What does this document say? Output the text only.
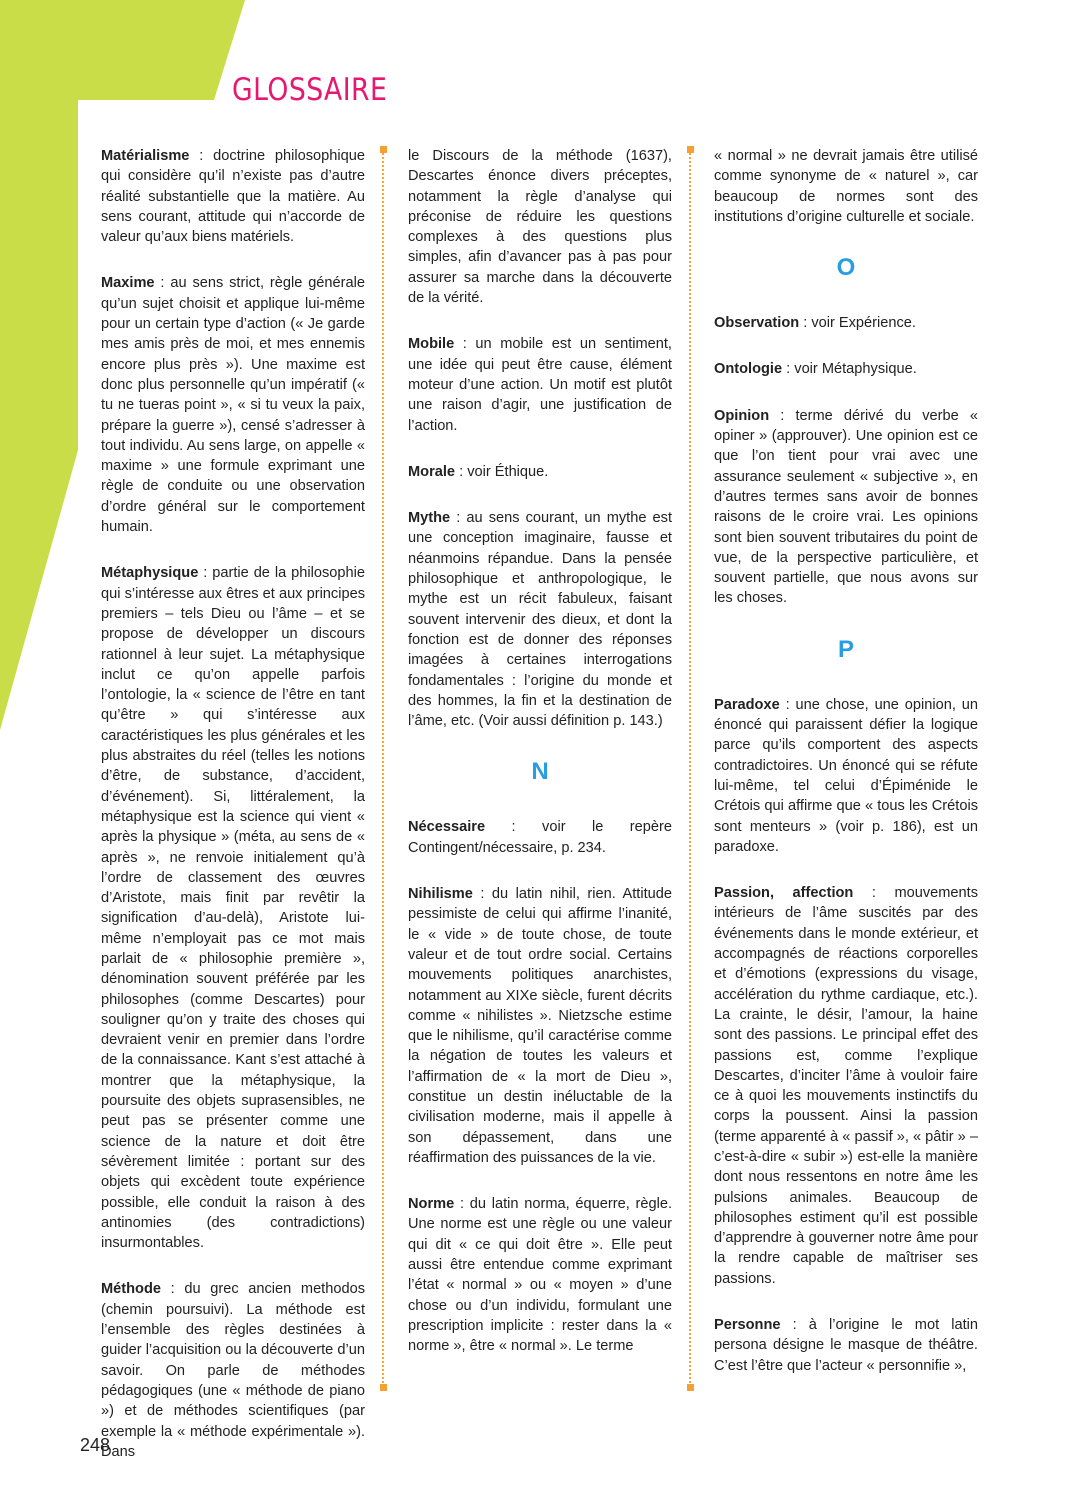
GLOSSAIRE

Matérialisme : doctrine philosophique qui considère qu’il n’existe pas d’autre réalité substantielle que la matière. Au sens courant, attitude qui n’accorde de valeur qu’aux biens matériels.

Maxime : au sens strict, règle générale qu’un sujet choisit et applique lui-même pour un certain type d’action (« Je garde mes amis près de moi, et mes ennemis encore plus près »). Une maxime est donc plus personnelle qu’un impératif (« tu ne tueras point », « si tu veux la paix, prépare la guerre »), censé s’adresser à tout individu. Au sens large, on appelle « maxime » une formule exprimant une règle de conduite ou une observation d’ordre général sur le comportement humain.

Métaphysique : partie de la philosophie qui s’intéresse aux êtres et aux principes premiers – tels Dieu ou l’âme – et se propose de développer un discours rationnel à leur sujet. La métaphysique inclut ce qu’on appelle parfois l’ontologie, la « science de l’être en tant qu’être » qui s’intéresse aux caractéristiques les plus générales et les plus abstraites du réel (telles les notions d’être, de substance, d’accident, d’événement). Si, littéralement, la métaphysique est la science qui vient « après la physique » (méta, au sens de « après », ne renvoie initialement qu’à l’ordre de classement des œuvres d’Aristote, mais finit par revêtir la signification d’au-delà), Aristote lui-même n’employait pas ce mot mais parlait de « philosophie première », dénomination souvent préférée par les philosophes (comme Descartes) pour souligner qu’on y traite des choses qui devraient venir en premier dans l’ordre de la connaissance. Kant s’est attaché à montrer que la métaphysique, la poursuite des objets suprasensibles, ne peut pas se présenter comme une science de la nature et doit être sévèrement limitée : portant sur des objets qui excèdent toute expérience possible, elle conduit la raison à des antinomies (des contradictions) insurmontables.

Méthode : du grec ancien methodos (chemin poursuivi). La méthode est l’ensemble des règles destinées à guider l’acquisition ou la découverte d’un savoir. On parle de méthodes pédagogiques (une « méthode de piano ») et de méthodes scientifiques (par exemple la « méthode expérimentale »). Dans

le Discours de la méthode (1637), Descartes énonce divers préceptes, notamment la règle d’analyse qui préconise de réduire les questions complexes à des questions plus simples, afin d’avancer pas à pas pour assurer sa marche dans la découverte de la vérité.

Mobile : un mobile est un sentiment, une idée qui peut être cause, élément moteur d’une action. Un motif est plutôt une raison d’agir, une justification de l’action.

Morale : voir Éthique.

Mythe : au sens courant, un mythe est une conception imaginaire, fausse et néanmoins répandue. Dans la pensée philosophique et anthropologique, le mythe est un récit fabuleux, faisant souvent intervenir des dieux, et dont la fonction est de donner des réponses imagées à certaines interrogations fondamentales : l’origine du monde et des hommes, la fin et la destination de l’âme, etc. (Voir aussi définition p. 143.)

N

Nécessaire : voir le repère Contingent/nécessaire, p. 234.

Nihilisme : du latin nihil, rien. Attitude pessimiste de celui qui affirme l’inanité, le « vide » de toute chose, de toute valeur et de tout ordre social. Certains mouvements politiques anarchistes, notamment au XIXe siècle, furent décrits comme « nihilistes ». Nietzsche estime que le nihilisme, qu’il caractérise comme la négation de toutes les valeurs et l’affirmation de « la mort de Dieu », constitue un destin inéluctable de la civilisation moderne, mais il appelle à son dépassement, dans une réaffirmation des puissances de la vie.

Norme : du latin norma, équerre, règle. Une norme est une règle ou une valeur qui dit « ce qui doit être ». Elle peut aussi être entendue comme exprimant l’état « normal » ou « moyen » d’une chose ou d’un individu, formulant une prescription implicite : rester dans la « norme », être « normal ». Le terme

« normal » ne devrait jamais être utilisé comme synonyme de « naturel », car beaucoup de normes sont des institutions d’origine culturelle et sociale.

O

Observation : voir Expérience.

Ontologie : voir Métaphysique.

Opinion : terme dérivé du verbe « opiner » (approuver). Une opinion est ce que l’on tient pour vrai avec une assurance seulement « subjective », en d’autres termes sans avoir de bonnes raisons de le croire vrai. Les opinions sont bien souvent tributaires du point de vue, de la perspective particulière, et souvent partielle, que nous avons sur les choses.

P

Paradoxe : une chose, une opinion, un énoncé qui paraissent défier la logique parce qu’ils comportent des aspects contradictoires. Un énoncé qui se réfute lui-même, tel celui d’Épiménide le Crétois qui affirme que « tous les Crétois sont menteurs » (voir p. 186), est un paradoxe.

Passion, affection : mouvements intérieurs de l’âme suscités par des événements dans le monde extérieur, et accompagnés de réactions corporelles et d’émotions (expressions du visage, accélération du rythme cardiaque, etc.). La crainte, le désir, l’amour, la haine sont des passions. Le principal effet des passions est, comme l’explique Descartes, d’inciter l’âme à vouloir faire ce à quoi les mouvements instinctifs du corps la poussent. Ainsi la passion (terme apparenté à « passif », « pâtir » – c’est-à-dire « subir ») est-elle la manière dont nous ressentons en notre âme les pulsions animales. Beaucoup de philosophes estiment qu’il est possible d’apprendre à gouverner notre âme pour la rendre capable de maîtriser ses passions.

Personne : à l’origine le mot latin persona désigne le masque de théâtre. C’est l’être que l’acteur « personnifie »,

248
